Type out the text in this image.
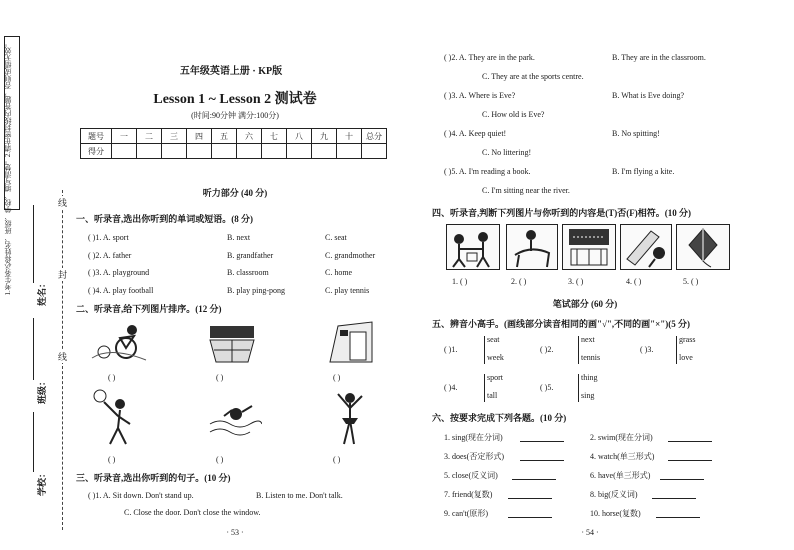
1.考生务必将姓名、班级、学校、填写清楚。2.请在密封线内答题，否则成绩无效。	线
封
线
姓名：
班级：
学校：
五年级英语上册 · KP版
Lesson 1 ~ Lesson 2 测试卷
(时间:90分钟 满分:100分)
题号	一	二	三	四	五	六	七	八	九	十	总分
得分											
听力部分 (40 分)
一、听录音,选出你听到的单词或短语。(8 分)
( )1. A. sport	B. next	C. seat
( )2. A. father	B. grandfather	C. grandmother
( )3. A. playground	B. classroom	C. home
( )4. A. play football	B. play ping-pong	C. play tennis
二、听录音,给下列图片排序。(12 分)
( )	( )	( )
( )	( )	( )
三、听录音,选出你听到的句子。(10 分)
( )1. A. Sit down. Don't stand up.	B. Listen to me. Don't talk.
C. Close the door. Don't close the window.
· 53 ·
( )2. A. They are in the park.	B. They are in the classroom.
C. They are at the sports centre.
( )3. A. Where is Eve?	B. What is Eve doing?
C. How old is Eve?
( )4. A. Keep quiet!	B. No spitting!
C. No littering!
( )5. A. I'm reading a book.	B. I'm flying a kite.
C. I'm sitting near the river.
四、听录音,判断下列图片与你听到的内容是(T)否(F)相符。(10 分)
1. ( )	2. ( )	3. ( )	4. ( )	5. ( )
笔试部分 (60 分)
五、辨音小高手。(画线部分读音相同的画"√",不同的画"×")(5 分)
( )1.
seat
week
( )2.
next
tennis
( )3.
grass
love
( )4.
sport
tall
( )5.
thing
sing
六、按要求完成下列各题。(10 分)
1. sing(现在分词)	2. swim(现在分词)
3. does(否定形式)	4. watch(单三形式)
5. close(反义词)	6. have(单三形式)
7. friend(复数)	8. big(反义词)
9. can't(原形)	10. horse(复数)
· 54 ·
